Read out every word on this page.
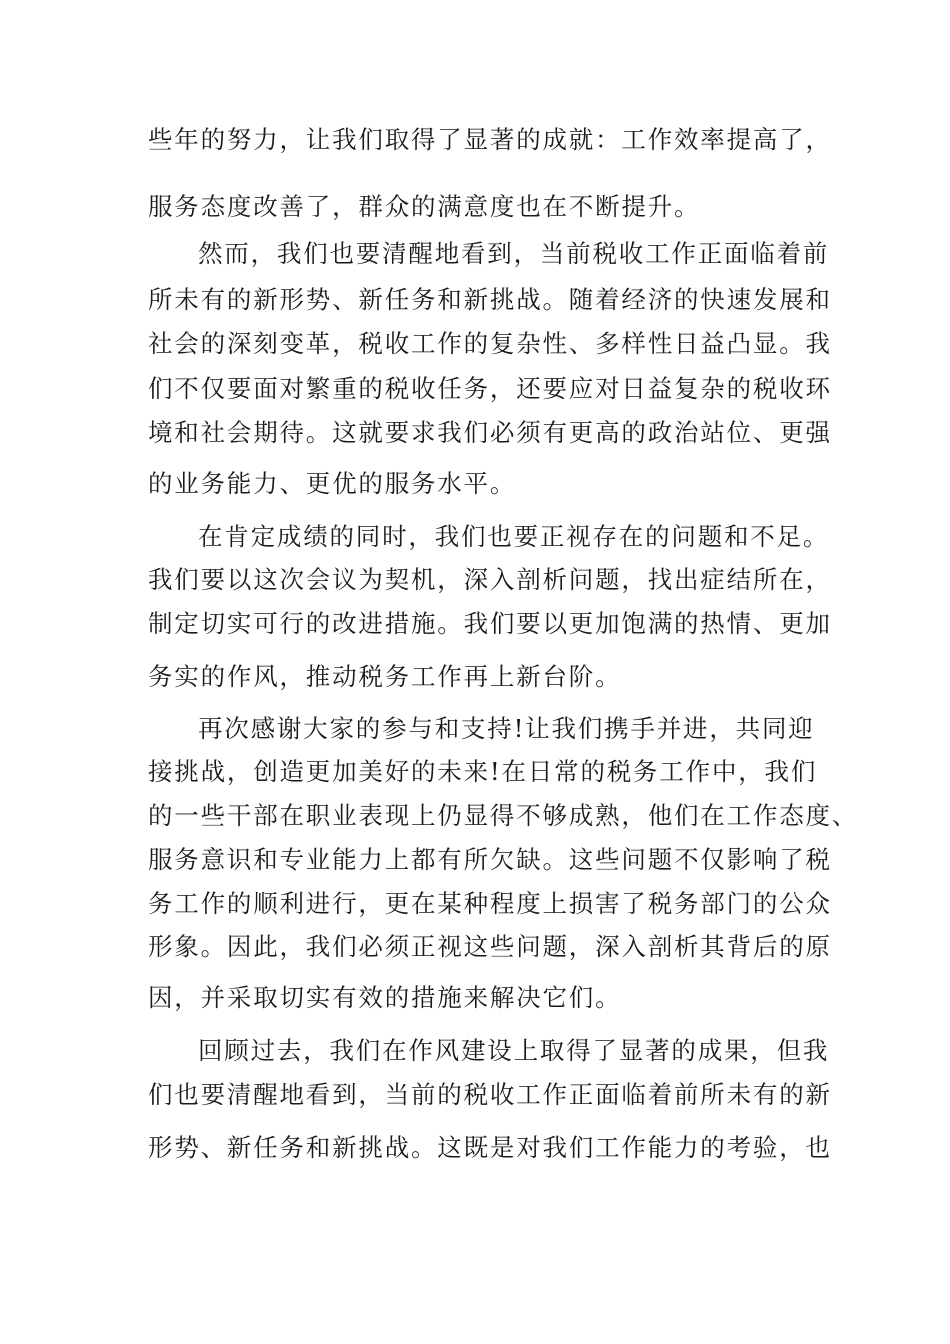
些年的努力，让我们取得了显著的成就：工作效率提高了，
服务态度改善了，群众的满意度也在不断提升。
然而，我们也要清醒地看到，当前税收工作正面临着前
所未有的新形势、新任务和新挑战。随着经济的快速发展和
社会的深刻变革，税收工作的复杂性、多样性日益凸显。我
们不仅要面对繁重的税收任务，还要应对日益复杂的税收环
境和社会期待。这就要求我们必须有更高的政治站位、更强
的业务能力、更优的服务水平。
在肯定成绩的同时，我们也要正视存在的问题和不足。
我们要以这次会议为契机，深入剖析问题，找出症结所在，
制定切实可行的改进措施。我们要以更加饱满的热情、更加
务实的作风，推动税务工作再上新台阶。
再次感谢大家的参与和支持!让我们携手并进，共同迎
接挑战，创造更加美好的未来!在日常的税务工作中，我们
的一些干部在职业表现上仍显得不够成熟，他们在工作态度、
服务意识和专业能力上都有所欠缺。这些问题不仅影响了税
务工作的顺利进行，更在某种程度上损害了税务部门的公众
形象。因此，我们必须正视这些问题，深入剖析其背后的原
因，并采取切实有效的措施来解决它们。
回顾过去，我们在作风建设上取得了显著的成果，但我
们也要清醒地看到，当前的税收工作正面临着前所未有的新
形势、新任务和新挑战。这既是对我们工作能力的考验，也
